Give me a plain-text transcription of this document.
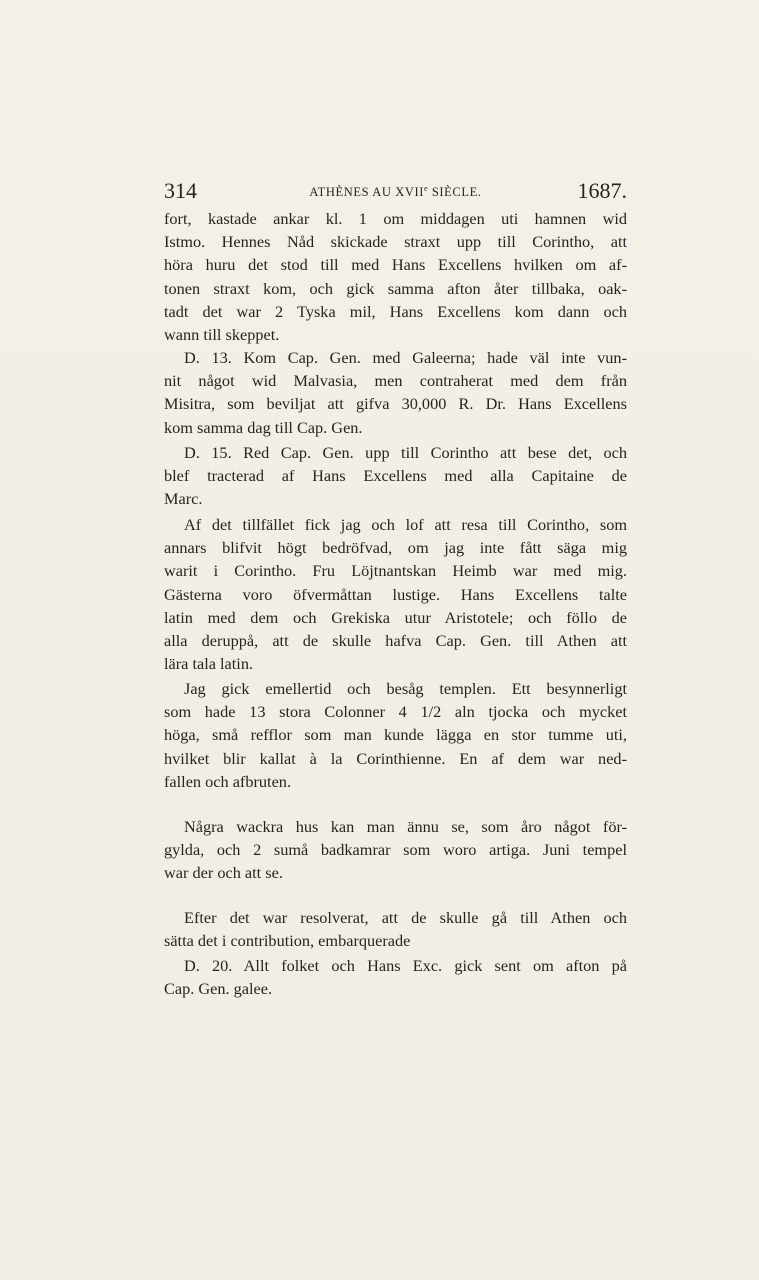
314	ATHÈNES AU XVIIe SIÈCLE.	1687.

fort, kastade ankar kl. 1 om middagen uti hamnen wid
Istmo. Hennes Nåd skickade straxt upp till Corintho, att
höra huru det stod till med Hans Excellens hvilken om af-
tonen straxt kom, och gick samma afton åter tillbaka, oak-
tadt det war 2 Tyska mil, Hans Excellens kom dann och
wann till skeppet.

D. 13. Kom Cap. Gen. med Galeerna; hade väl inte vun-
nit något wid Malvasia, men contraherat med dem från
Misitra, som beviljat att gifva 30,000 R. Dr. Hans Excellens
kom samma dag till Cap. Gen.

D. 15. Red Cap. Gen. upp till Corintho att bese det, och
blef tracterad af Hans Excellens med alla Capitaine de
Marc.

Af det tillfället fick jag och lof att resa till Corintho, som
annars blifvit högt bedröfvad, om jag inte fått säga mig
warit i Corintho. Fru Löjtnantskan Heimb war med mig.
Gästerna voro öfvermåttan lustige. Hans Excellens talte
latin med dem och Grekiska utur Aristotele; och föllo de
alla deruppå, att de skulle hafva Cap. Gen. till Athen att
lära tala latin.

Jag gick emellertid och besåg templen. Ett besynnerligt
som hade 13 stora Colonner 4 1/2 aln tjocka och mycket
höga, små refflor som man kunde lägga en stor tumme uti,
hvilket blir kallat à la Corinthienne. En af dem war ned-
fallen och afbruten.

Några wackra hus kan man ännu se, som åro något för-
gylda, och 2 sumå badkamrar som woro artiga. Juni tempel
war der och att se.

Efter det war resolverat, att de skulle gå till Athen och
sätta det i contribution, embarquerade

D. 20. Allt folket och Hans Exc. gick sent om afton på
Cap. Gen. galee.
